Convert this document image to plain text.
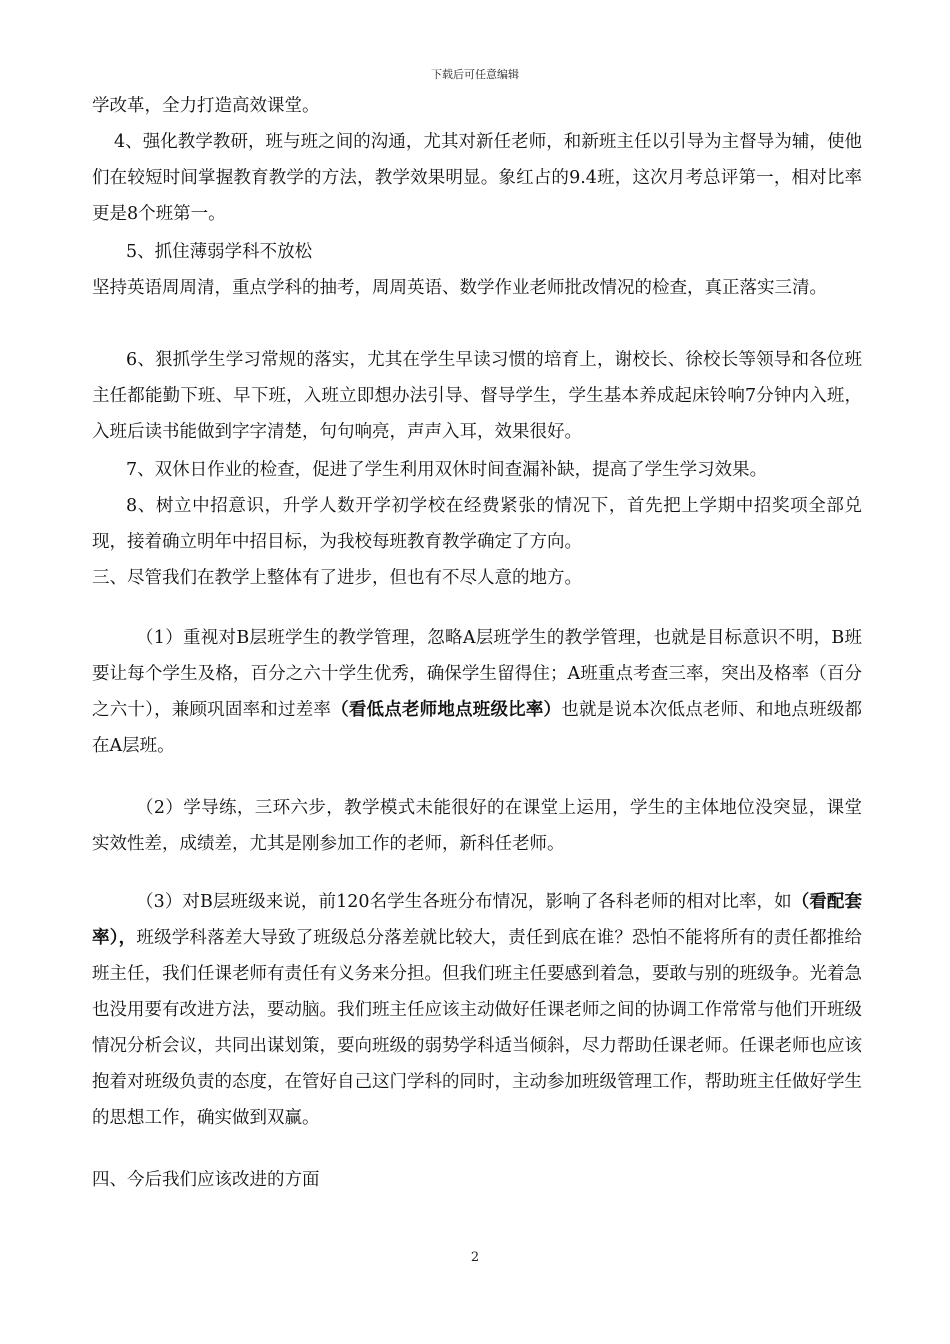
下载后可任意编辑

学改革，全力打造高效课堂。

4、强化教学教研，班与班之间的沟通，尤其对新任老师，和新班主任以引导为主督导为辅，使他们在较短时间掌握教育教学的方法，教学效果明显。象红占的9.4班，这次月考总评第一，相对比率更是8个班第一。

5、抓住薄弱学科不放松

坚持英语周周清，重点学科的抽考，周周英语、数学作业老师批改情况的检查，真正落实三清。

6、狠抓学生学习常规的落实，尤其在学生早读习惯的培育上，谢校长、徐校长等领导和各位班主任都能勤下班、早下班，入班立即想办法引导、督导学生，学生基本养成起床铃响7分钟内入班，入班后读书能做到字字清楚，句句响亮，声声入耳，效果很好。

7、双休日作业的检查，促进了学生利用双休时间查漏补缺，提高了学生学习效果。

8、树立中招意识，升学人数开学初学校在经费紧张的情况下，首先把上学期中招奖项全部兑现，接着确立明年中招目标，为我校每班教育教学确定了方向。

三、尽管我们在教学上整体有了进步，但也有不尽人意的地方。

（1）重视对B层班学生的教学管理，忽略A层班学生的教学管理，也就是目标意识不明，B班要让每个学生及格，百分之六十学生优秀，确保学生留得住；A班重点考查三率，突出及格率（百分之六十），兼顾巩固率和过差率（看低点老师地点班级比率）也就是说本次低点老师、和地点班级都在A层班。

（2）学导练，三环六步，教学模式未能很好的在课堂上运用，学生的主体地位没突显，课堂实效性差，成绩差，尤其是刚参加工作的老师，新科任老师。

（3）对B层班级来说，前120名学生各班分布情况，影响了各科老师的相对比率，如（看配套率），班级学科落差大导致了班级总分落差就比较大，责任到底在谁？恐怕不能将所有的责任都推给班主任，我们任课老师有责任有义务来分担。但我们班主任要感到着急，要敢与别的班级争。光着急也没用要有改进方法，要动脑。我们班主任应该主动做好任课老师之间的协调工作常常与他们开班级情况分析会议，共同出谋划策，要向班级的弱势学科适当倾斜，尽力帮助任课老师。任课老师也应该抱着对班级负责的态度，在管好自己这门学科的同时，主动参加班级管理工作，帮助班主任做好学生的思想工作，确实做到双赢。

四、今后我们应该改进的方面

2
